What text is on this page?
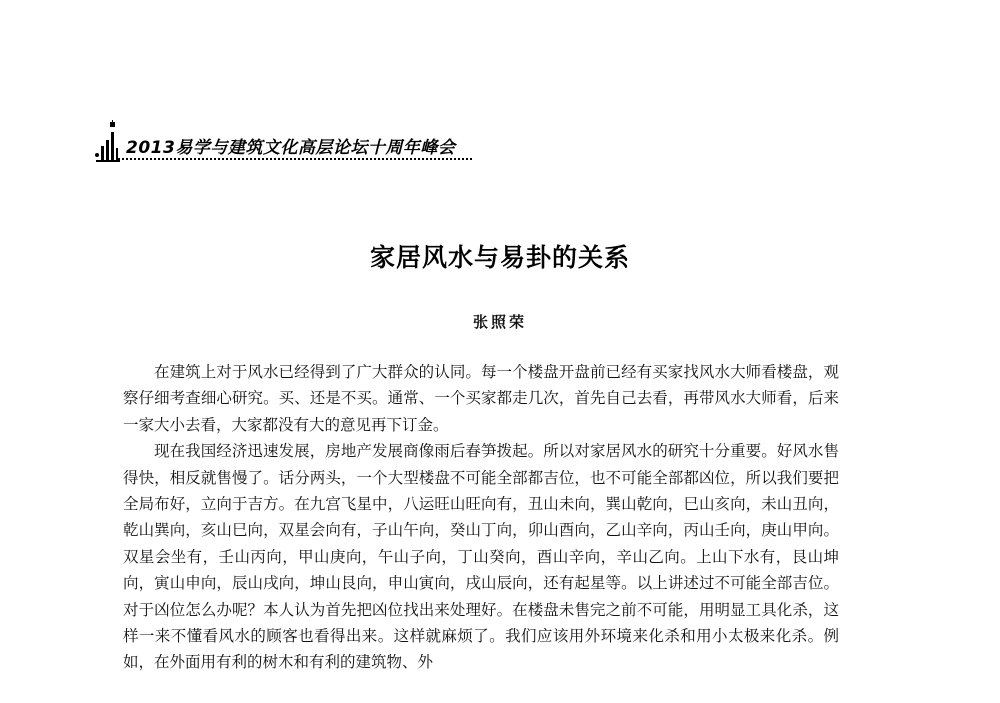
2013易学与建筑文化高层论坛十周年峰会
家居风水与易卦的关系
张照荣

在建筑上对于风水已经得到了广大群众的认同。每一个楼盘开盘前已经有买家找风水大师看楼盘，观察仔细考查细心研究。买、还是不买。通常、一个买家都走几次，首先自己去看，再带风水大师看，后来一家大小去看，大家都没有大的意见再下订金。

现在我国经济迅速发展，房地产发展商像雨后春笋拨起。所以对家居风水的研究十分重要。好风水售得快，相反就售慢了。话分两头，一个大型楼盘不可能全部都吉位，也不可能全部都凶位，所以我们要把全局布好，立向于吉方。在九宫飞星中，八运旺山旺向有，丑山未向，巽山乾向，巳山亥向，未山丑向，乾山巽向，亥山巳向，双星会向有，子山午向，癸山丁向，卯山酉向，乙山辛向，丙山壬向，庚山甲向。双星会坐有，壬山丙向，甲山庚向，午山子向，丁山癸向，酉山辛向，辛山乙向。上山下水有，艮山坤向，寅山申向，辰山戌向，坤山艮向，申山寅向，戌山辰向，还有起星等。以上讲述过不可能全部吉位。对于凶位怎么办呢？本人认为首先把凶位找出来处理好。在楼盘未售完之前不可能，用明显工具化杀，这样一来不懂看风水的顾客也看得出来。这样就麻烦了。我们应该用外环境来化杀和用小太极来化杀。例如，在外面用有利的树木和有利的建筑物、外
